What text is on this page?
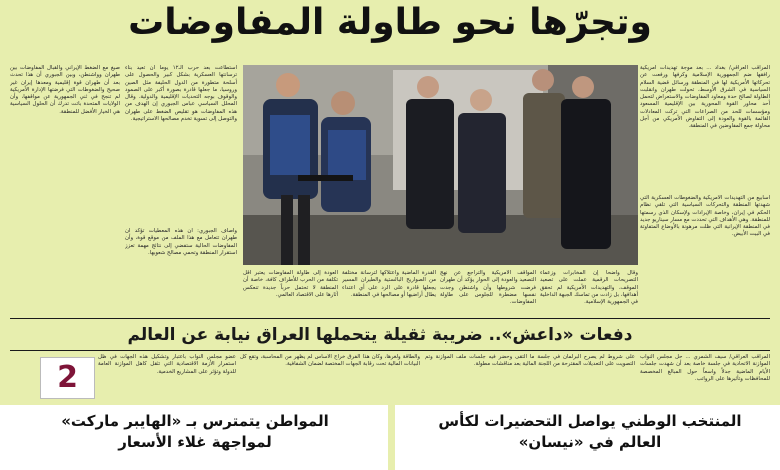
وتجرّها نحو طاولة المفاوضات

المراقب العراقي/ بغداد ... بعد موجة تهديدات أمريكية رافقها ضم الجمهورية الإسلامية وكرفها ورفعت عن تحركاتها الأمريكية لها في المنطقة ورسائل قضية السلام السياسية في الشرق الأوسط، تحولت طهران وانقلبت الطاولة لصالح حدة ومعاود المفاوضات والاستعراض لتحمل أحد محاور القوة المحورية بين الإقليمية المسعود ومؤسسات للحد من الصراعات التي تركت المعادلات القائمة بالقوة والعودة إلى التفاوض الأمريكي من أجل محاولة جمع المفاوضين في المنطقة.

أسابيع من التهديدات الأمريكية والضغوطات العسكرية التي شهدتها المنطقة والتحركات السياسية التي تلقي نظام الحكم في إيران، وخاصة الإيرادات ولإسكان الذي رسمتها للمنطقة. وهي الأهداف التي تحددت مع مسار سيناريو جديد في المنطقة الإيرانية التي ظلت مرهونة بالأوضاع المتفاوتة في البيت الأبيض.

صيغ مع الضغط الإيراني والقبال المفاوضات بين طهران وواشنطن، وبين الجبوري أن هذا تحدث بعد أن طهران قوة إقليمية ومعدها إيران غير صحيح والضغوطات التي فرضتها الإدارة الأمريكية لم تنجح في ثني الجمهورية عن مواقفها، وأن الولايات المتحدة باتت تدرك أن الحلول السياسية هي الخيار الأفضل للمنطقة.

استطاعت بعد حرب الـ١٢ يوماً أن تعيد بناء ترسانتها العسكرية بشكل كبير والحصول على أسلحة متطورة من الدول الحليفة مثل الصين وروسيا، ما جعلها قادرة بصورة أكبر على الصمود والوقوف بوجه التحديات الإقليمية والدولية. وقال المحلل السياسي عباس الجبوري إن الهدف من هذه المفاوضات هو تقليص الضغط على طهران والتوصل إلى تسوية تخدم مصالحها الاستراتيجية.

وأصاف الجبوري: أن هذه المعطيات تؤكد أن طهران تتعامل مع هذا الملف من موقع قوة، وأن المفاوضات الحالية ستفضي إلى نتائج مهمة تعزز استقرار المنطقة وتحمي مصالح شعوبها.

وقال واضحاً إن المخابرات وزعماء التصريحات الرقمية عملت على تصعيد الموقف، والتهديدات الأمريكية لم تحقق أهدافها، بل زادت من تماسك الجبهة الداخلية في الجمهورية الإسلامية.

المواقف الأمريكية والتراجع عن نهج التصعيد والعودة إلى الحوار يؤكد أن طهران فرضت شروطها وأن واشنطن وجدت نفسها مضطرة للجلوس على طاولة المفاوضات.

القدرة الماضية واعتلاكها لترسانة مختلفة من الصواريخ البالستية والطيران المسير يجعلها قادرة على الرد على أي اعتداء يطال أراضيها أو مصالحها في المنطقة.

العودة إلى طاولة المفاوضات يعتبر أقل تكلفة من الحرب للأطراف كافة، خاصة أن المنطقة لا تحتمل حرباً جديدة تنعكس آثارها على الاقتصاد العالمي.

دفعات «داعش».. ضريبة ثقيلة يتحملها العراق نيابة عن العالم
2

المراقب العراقي/ سيف الشمري ... حل مجلس النواب الموازنة الاتحادية في جلسة خاصة بعد أن شهدت جلسات الأيام الماضية جدلاً واسعاً حول المبالغ المخصصة للمحافظات وتأثيرها على الرواتب.

على شروط لم يصرح البرلمان في جلسة ما التقى وحضر فيه جلسات ملف الموازنة وتم التصويت على التعديلات المقترحة من اللجنة المالية بعد مناقشات مطولة.

والطاقة ولغرها، وكان هذا الفرق خراج الأساس لم يظهر من المحاسبة، وتقع كل البيانات المالية تحت رقابة الجهات المختصة لضمان الشفافية.

عضو مجلس النواب باعتبار وتشكيل هذه الجهات في ظل استمرار الأزمة الاقتصادية التي تثقل كاهل الموازنة العامة للدولة وتؤثر على المشاريع الخدمية.

المنتخب الوطني يواصل التحضيرات لكأس
العالم في «نيسان»
المواطن يتمترس بـ «الهايبر ماركت»
لمواجهة غلاء الأسعار
